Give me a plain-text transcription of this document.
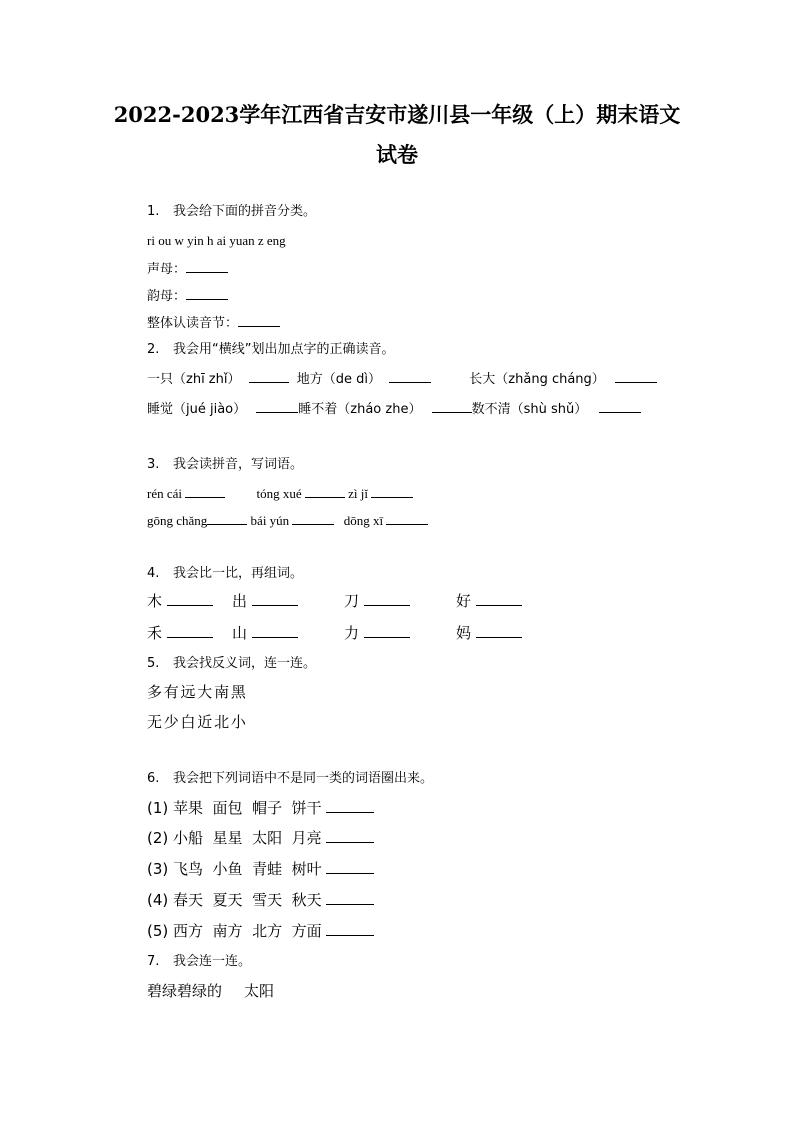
2022-2023学年江西省吉安市遂川县一年级（上）期末语文
试卷
1. 我会给下面的拼音分类。
ri ou w yin h ai yuan z eng
声母：
韵母：
整体认读音节：
2. 我会用“横线”划出加点字的正确读音。
一只（zhī zhǐ）	地方（de dì）	长大（zhǎng cháng）
睡觉（jué jiào）	睡不着（zháo zhe）	数不清（shù shǔ）
3. 我会读拼音，写词语。
rén cái	tóng xué	zì jǐ
gōng chǎng	bái yún	dōng xī
4. 我会比一比，再组词。
木	出	刀	好
禾	山	力	妈
5. 我会找反义词，连一连。
多 有 远 大 南 黑
无 少 白 近 北 小
6. 我会把下列词语中不是同一类的词语圈出来。
(1) 苹果  面包  帽子  饼干
(2) 小船  星星  太阳  月亮
(3) 飞鸟  小鱼  青蛙  树叶
(4) 春天  夏天  雪天  秋天
(5) 西方  南方  北方  方面
7. 我会连一连。
碧绿碧绿的 太阳
